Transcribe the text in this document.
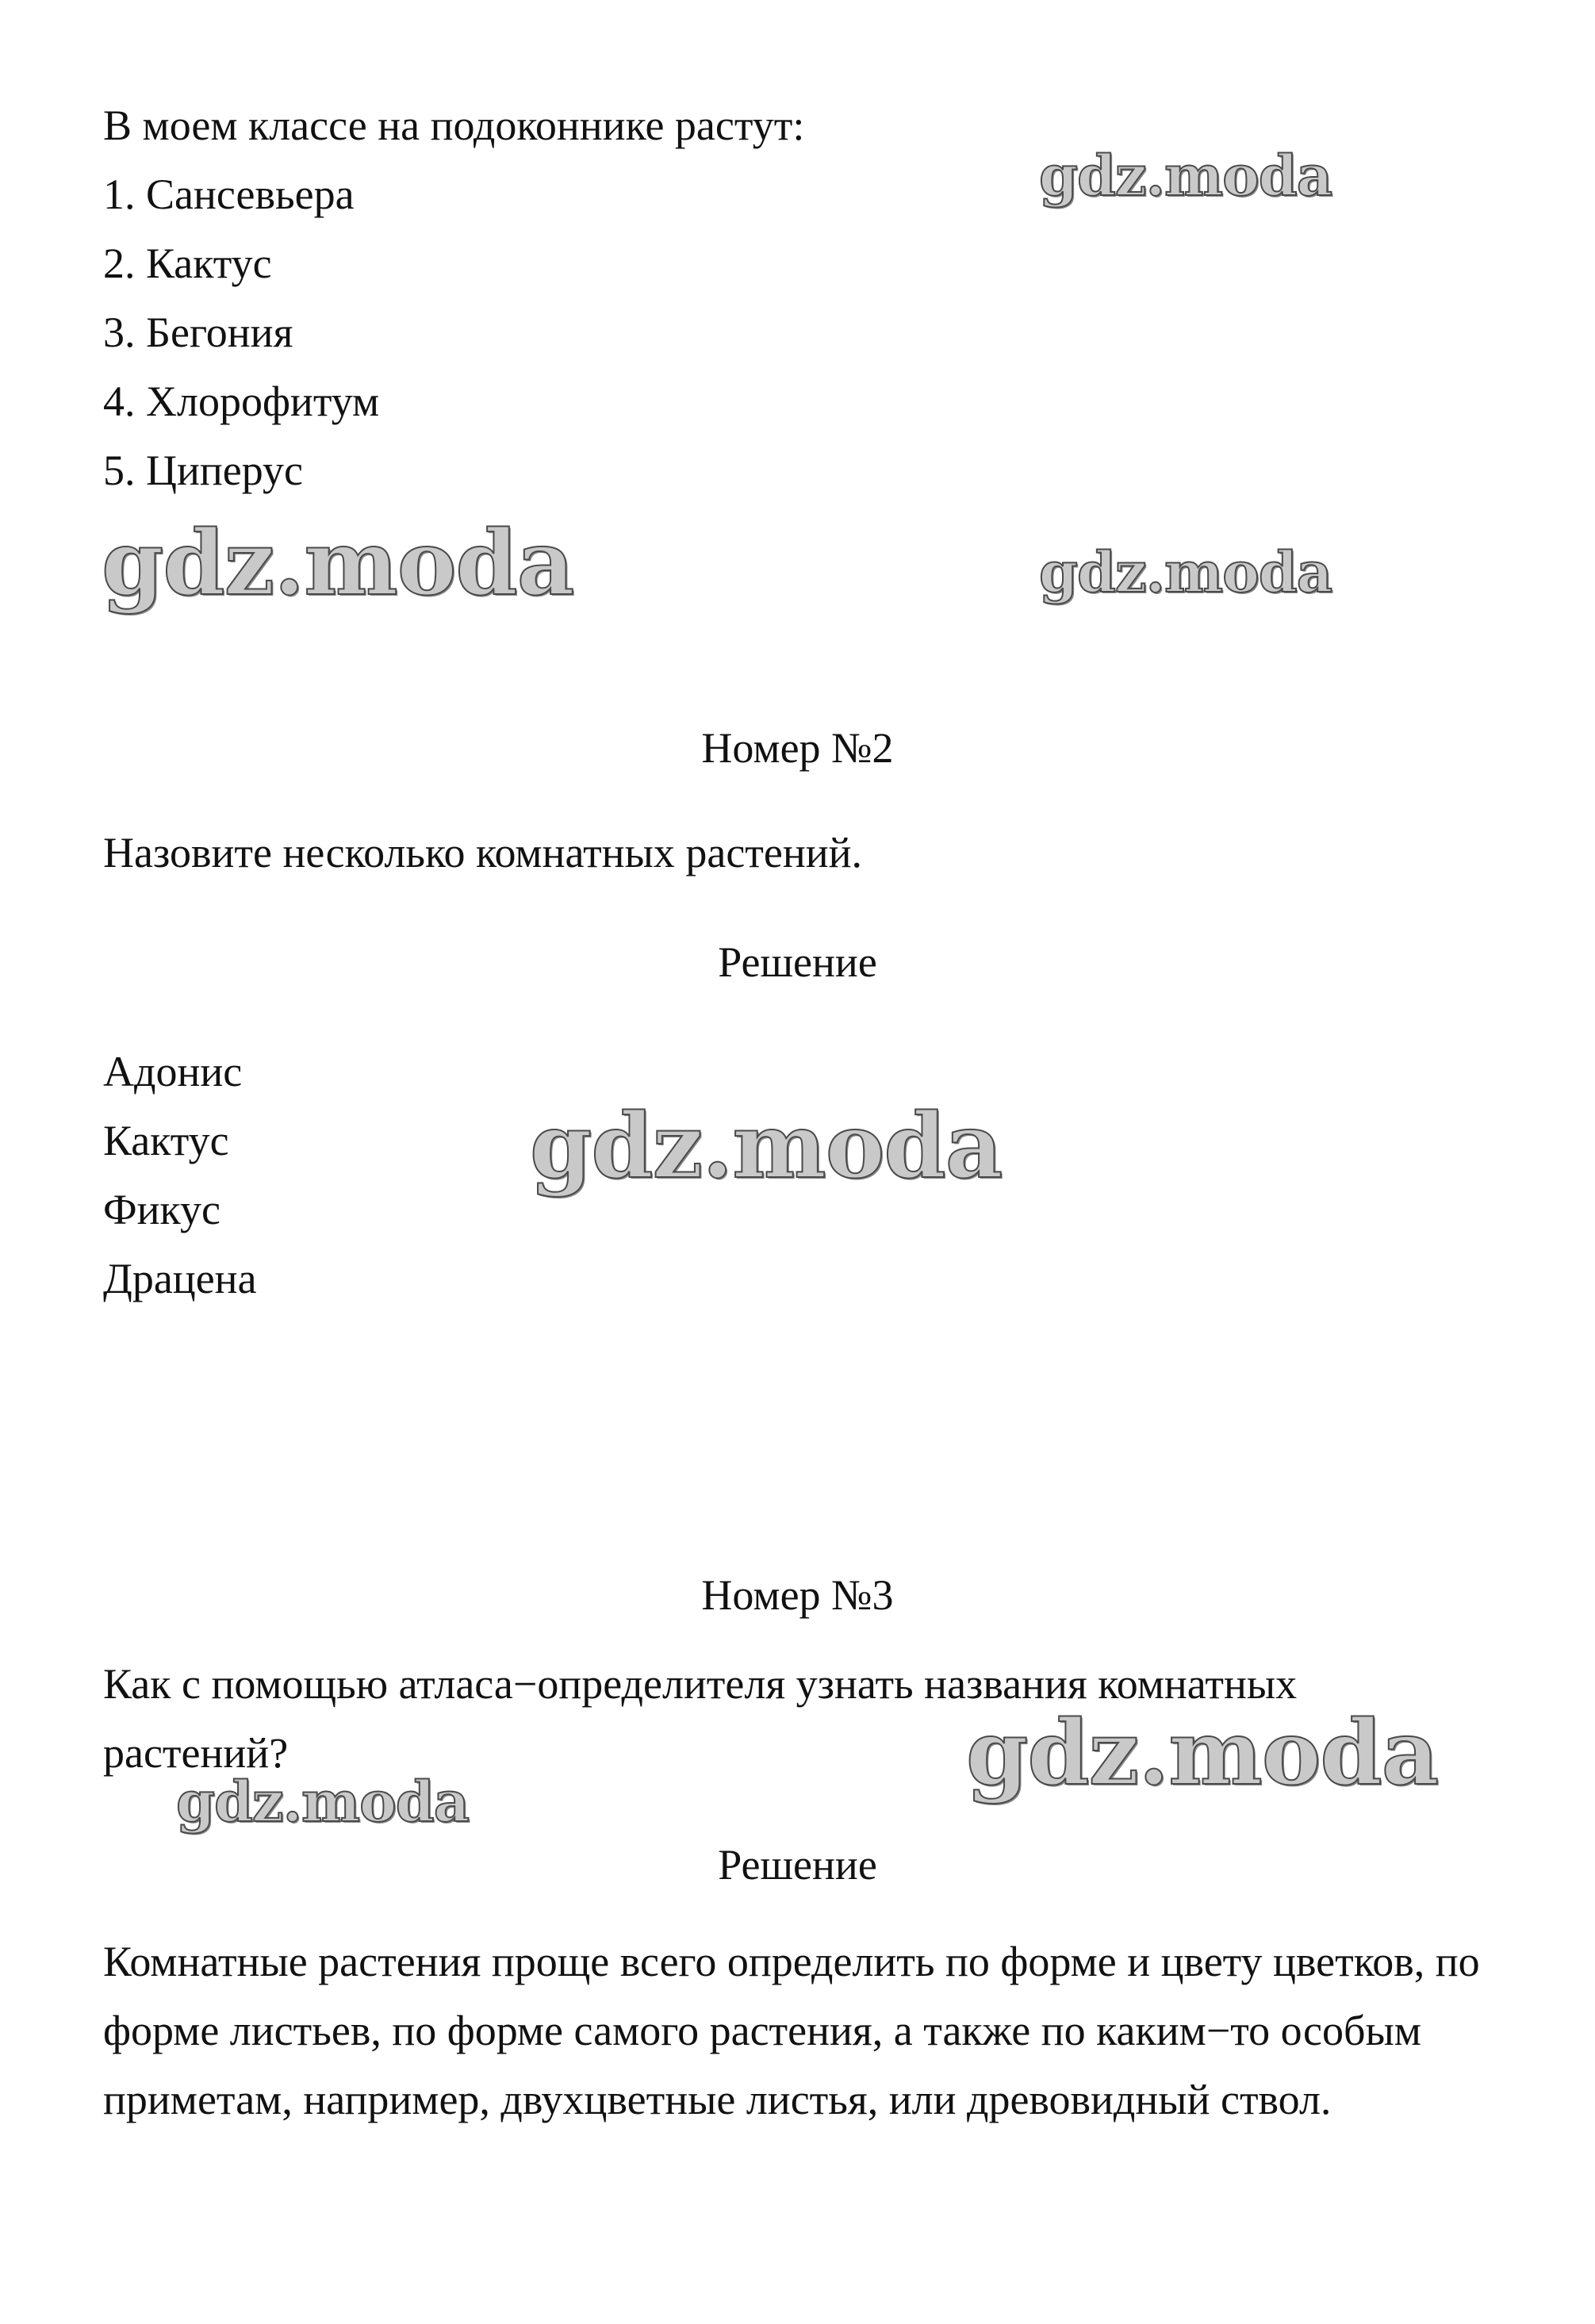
В моем классе на подоконнике растут:
1. Сансевьера
2. Кактус
3. Бегония
4. Хлорофитум
5. Циперус
Номер №2
Назовите несколько комнатных растений.
Решение
Адонис
Кактус
Фикус
Драцена
Номер №3
Как с помощью атласа−определителя узнать названия комнатных
растений?
Решение
Комнатные растения проще всего определить по форме и цвету цветков, по форме листьев, по форме самого растения, а также по каким−то особым приметам, например, двухцветные листья, или древовидный ствол.
gdz.moda
gdz.moda	gdz.moda
gdz.moda
gdz.moda
gdz.moda
